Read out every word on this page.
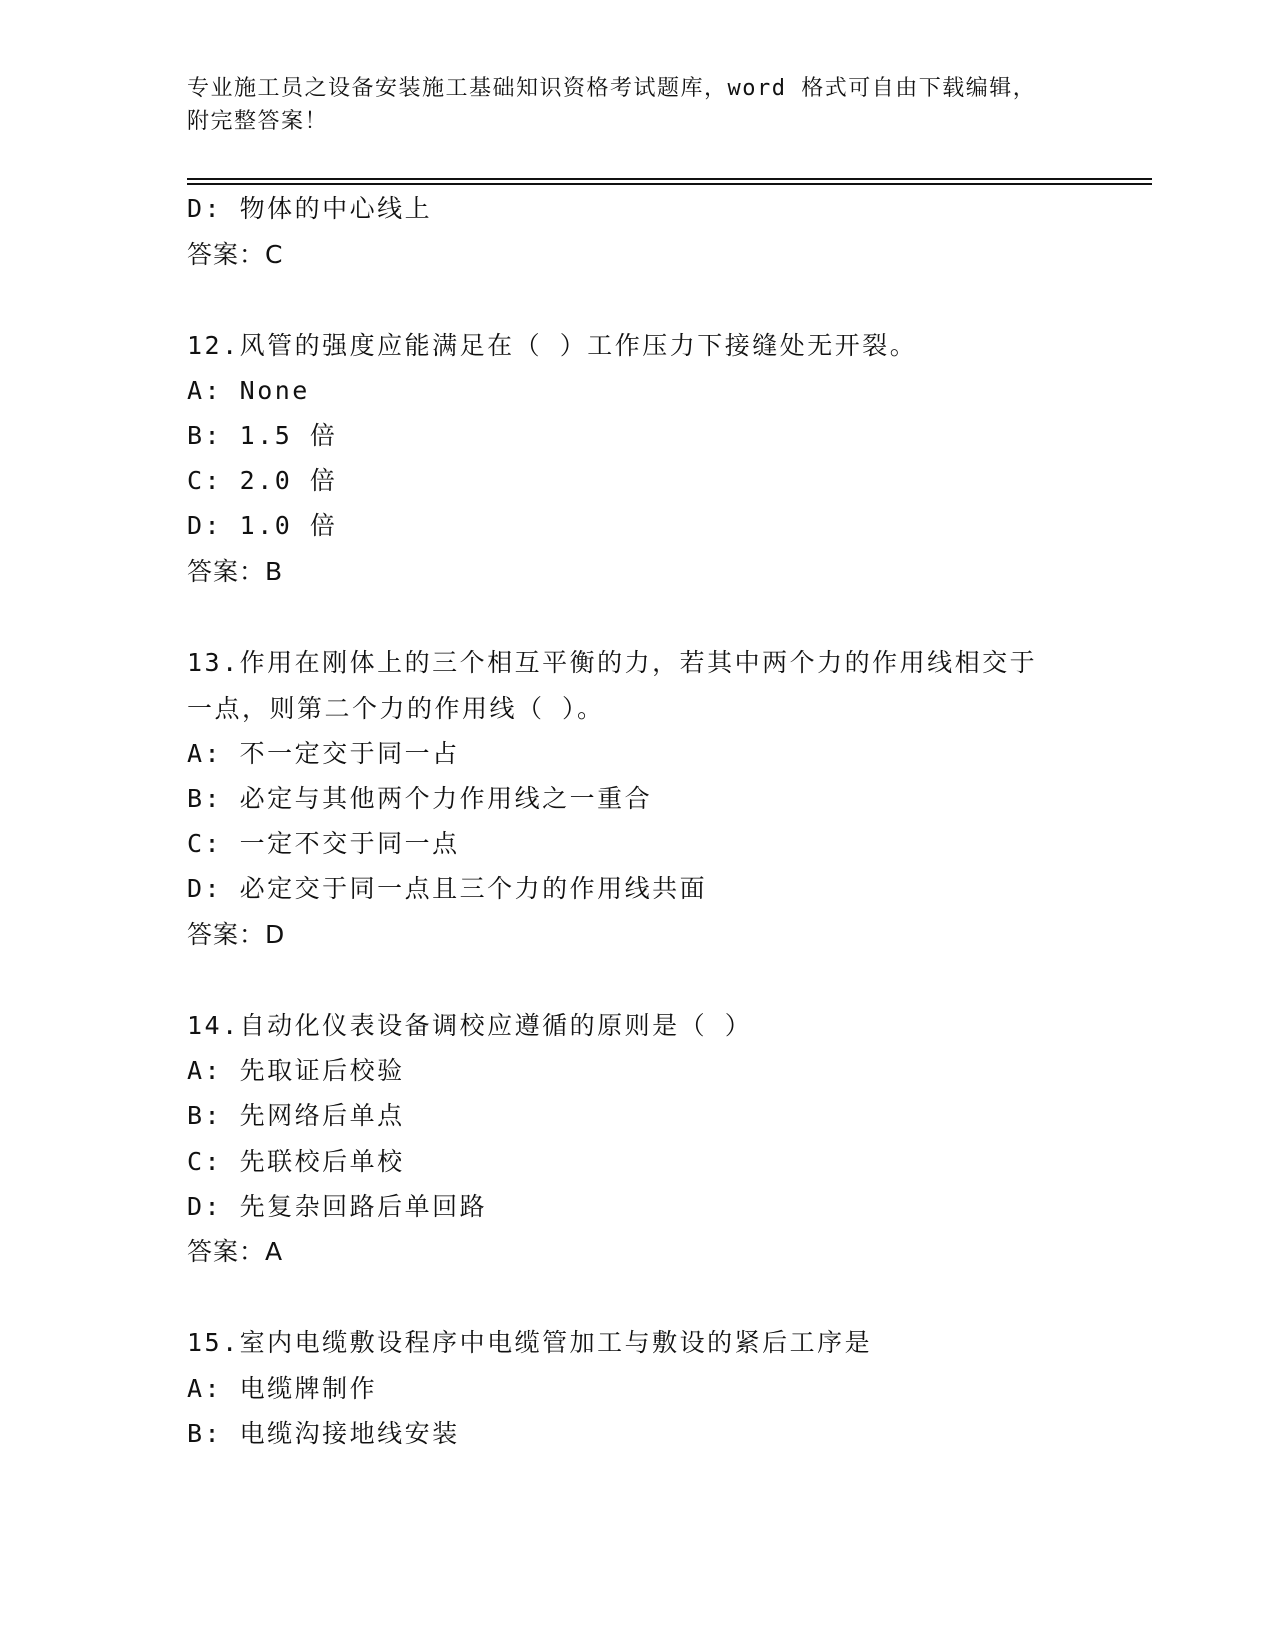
专业施工员之设备安装施工基础知识资格考试题库，word 格式可自由下载编辑，
附完整答案！
D: 物体的中心线上
答案：C
12.风管的强度应能满足在（ ）工作压力下接缝处无开裂。
A: None
B: 1.5 倍
C: 2.0 倍
D: 1.0 倍
答案：B
13.作用在刚体上的三个相互平衡的力，若其中两个力的作用线相交于
一点，则第二个力的作用线（ ）。
A: 不一定交于同一占
B: 必定与其他两个力作用线之一重合
C: 一定不交于同一点
D: 必定交于同一点且三个力的作用线共面
答案：D
14.自动化仪表设备调校应遵循的原则是（ ）
A: 先取证后校验
B: 先网络后单点
C: 先联校后单校
D: 先复杂回路后单回路
答案：A
15.室内电缆敷设程序中电缆管加工与敷设的紧后工序是
A: 电缆牌制作
B: 电缆沟接地线安装
